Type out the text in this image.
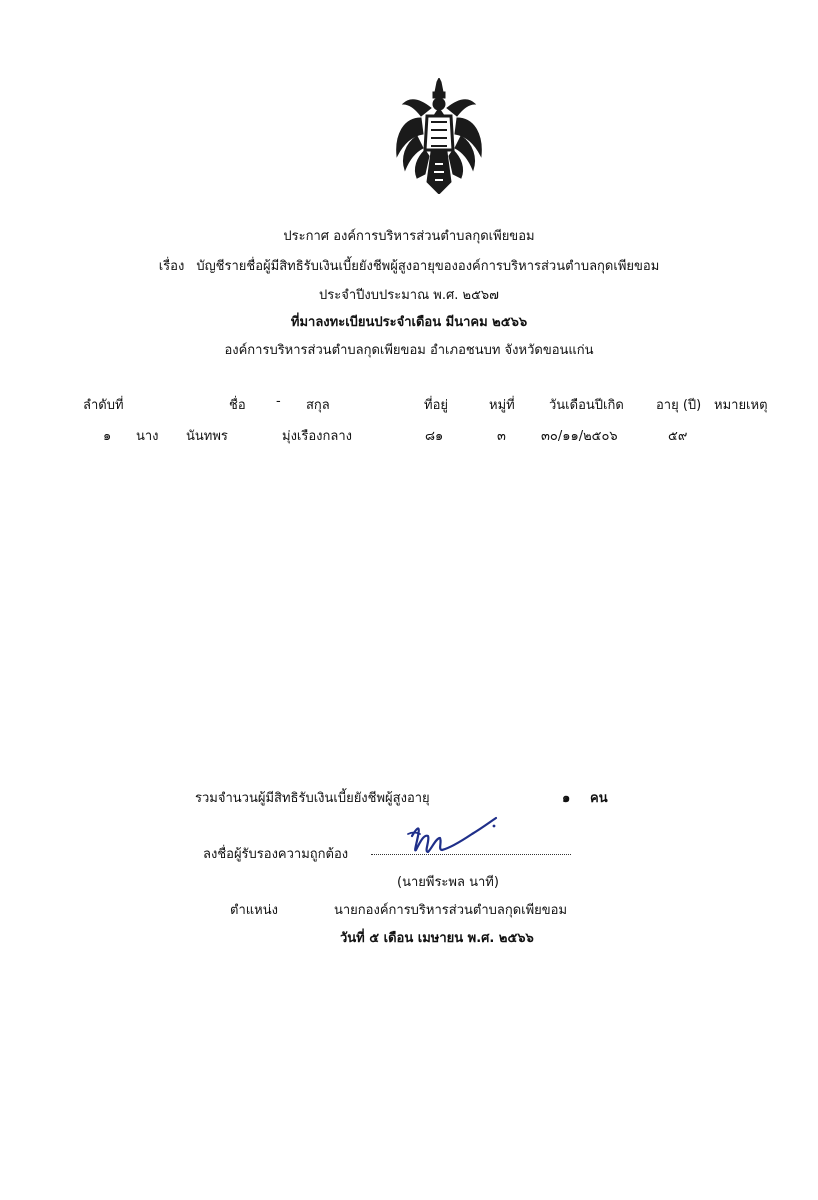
ประกาศ องค์การบริหารส่วนตำบลกุดเพียขอม
เรื่อง บัญชีรายชื่อผู้มีสิทธิรับเงินเบี้ยยังชีพผู้สูงอายุขององค์การบริหารส่วนตำบลกุดเพียขอม
ประจำปีงบประมาณ พ.ศ. ๒๕๖๗
ที่มาลงทะเบียนประจำเดือน มีนาคม ๒๕๖๖
องค์การบริหารส่วนตำบลกุดเพียขอม อำเภอชนบท จังหวัดขอนแก่น
ลำดับที่	ชื่อ - สกุล	ที่อยู่	หมู่ที่	วันเดือนปีเกิด อายุ (ปี) หมายเหตุ
๑ นาง นันทพร	มุ่งเรืองกลาง	๘๑	๓	๓๐/๑๑/๒๕๐๖	๕๙
รวมจำนวนผู้มีสิทธิรับเงินเบี้ยยังชีพผู้สูงอายุ	๑ คน
ลงชื่อผู้รับรองความถูกต้อง
(นายพีระพล นาที)
ตำแหน่ง	นายกองค์การบริหารส่วนตำบลกุดเพียขอม
วันที่ ๕ เดือน เมษายน พ.ศ. ๒๕๖๖
